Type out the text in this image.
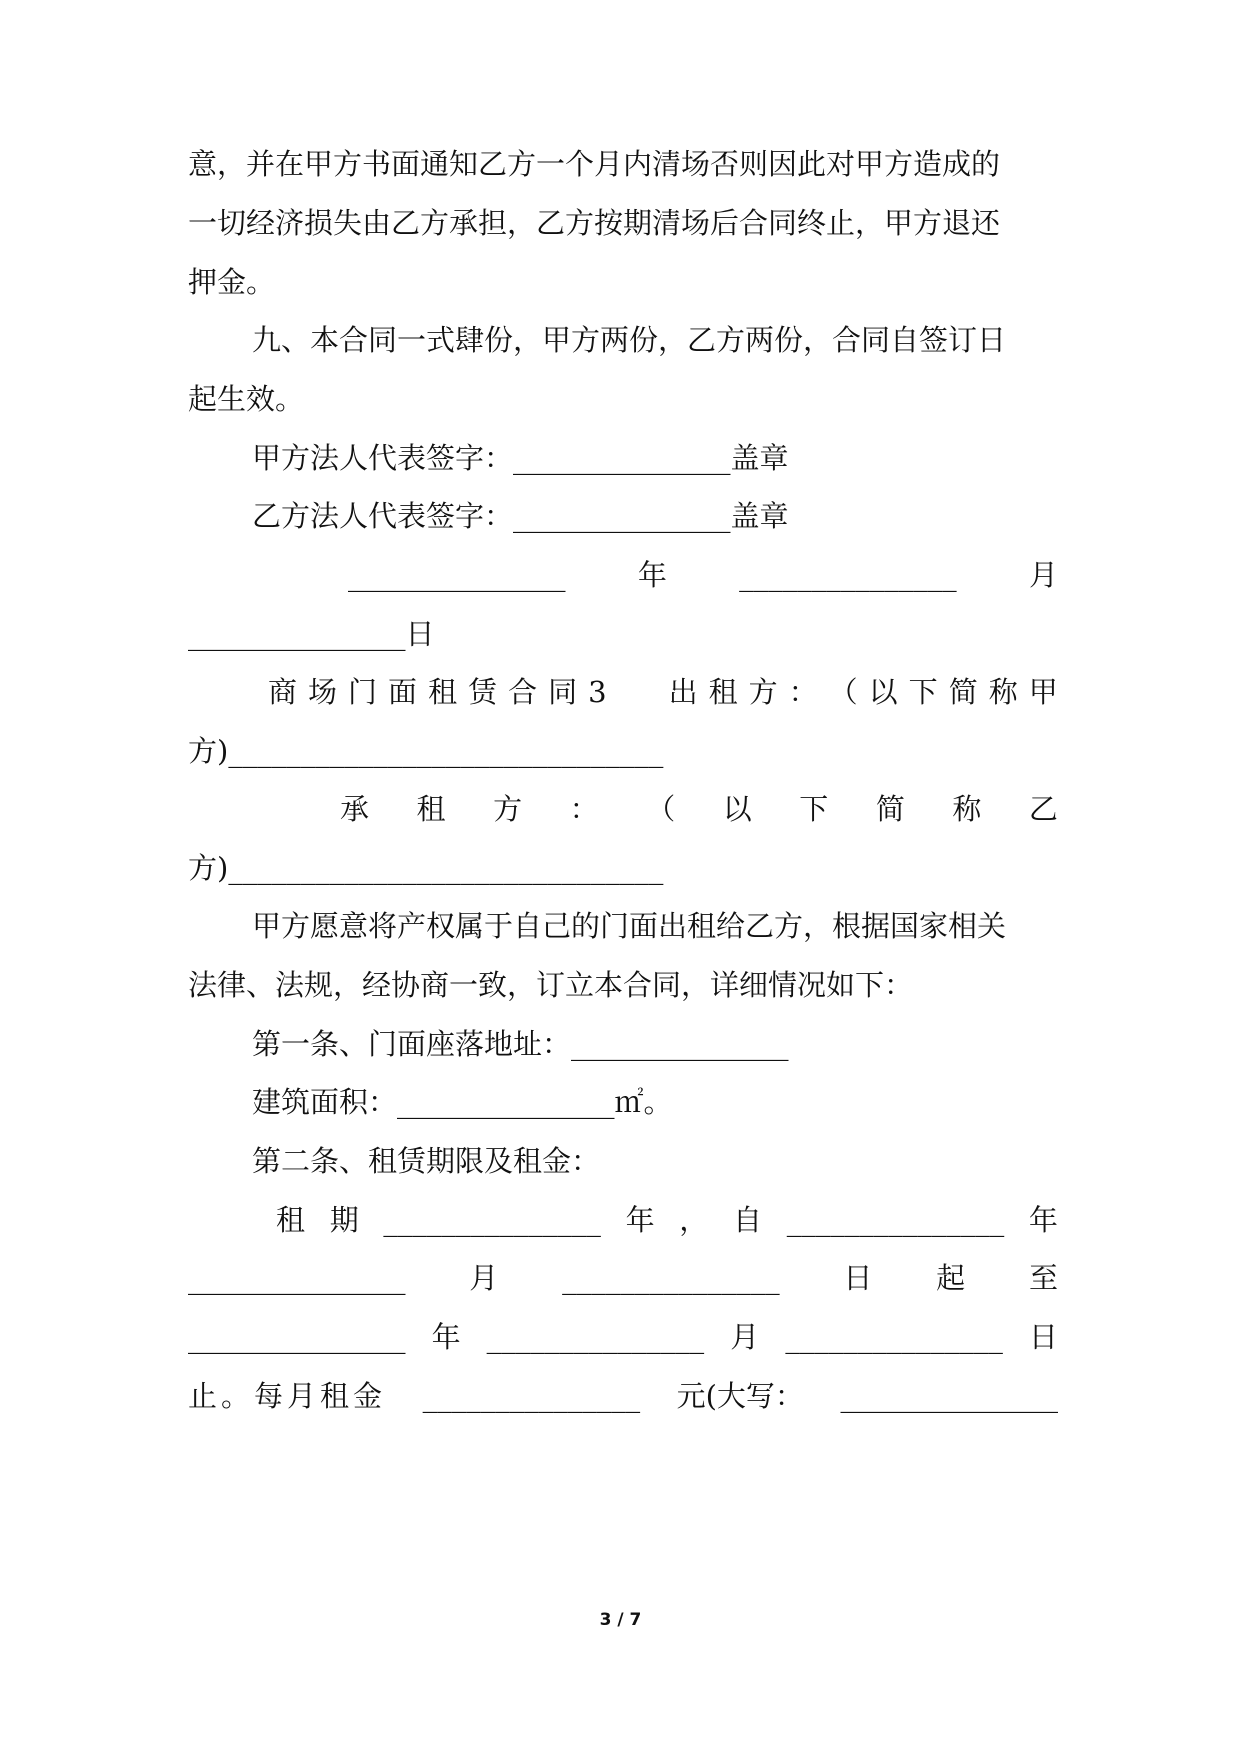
意，并在甲方书面通知乙方一个月内清场否则因此对甲方造成的
一切经济损失由乙方承担，乙方按期清场后合同终止，甲方退还
押金。
九、本合同一式肆份，甲方两份，乙方两份，合同自签订日
起生效。
甲方法人代表签字：_______________盖章
乙方法人代表签字：_______________盖章
_______________ 年 _______________ 月
_______________日
商 场 门 面 租 赁 合 同 3 出 租 方 ： （ 以 下 简 称 甲
方)______________________________
承 租 方 ： （ 以 下 简 称 乙
方)______________________________
甲方愿意将产权属于自己的门面出租给乙方，根据国家相关
法律、法规，经协商一致，订立本合同，详细情况如下：
第一条、门面座落地址：_______________
建筑面积：_______________㎡。
第二条、租赁期限及租金：
租 期 _______________ 年 ， 自 _______________ 年
_______________ 月 _______________ 日 起 至
_______________ 年 _______________ 月 _______________ 日
止。每月租金 _______________ 元(大写： _______________
3 / 7
